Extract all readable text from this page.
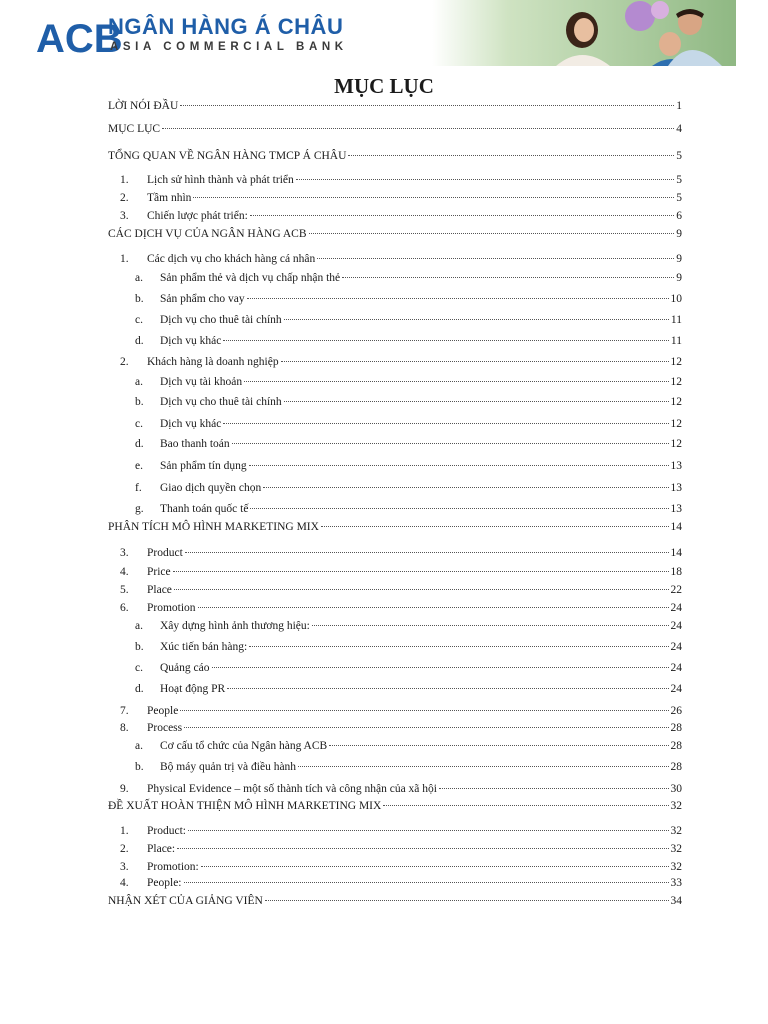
ACB
NGÂN HÀNG Á CHÂU
ASIA COMMERCIAL BANK
MỤC LỤC
LỜI NÓI ĐẦU	1
MỤC LỤC	4
TỔNG QUAN VỀ NGÂN HÀNG TMCP Á CHÂU	5
1.	Lịch sử hình thành và phát triển	5
2.	Tầm nhìn	5
3.	Chiến lược phát triển:	6
CÁC DỊCH VỤ CỦA NGÂN HÀNG ACB	9
1.	Các dịch vụ cho khách hàng cá nhân	9
a.	Sản phẩm thẻ và dịch vụ chấp nhận thẻ	9
b.	Sản phẩm cho vay	10
c.	Dịch vụ cho thuê tài chính	11
d.	Dịch vụ khác	11
2.	Khách hàng là doanh nghiệp	12
a.	Dịch vụ tài khoản	12
b.	Dịch vụ cho thuê tài chính	12
c.	Dịch vụ khác	12
d.	Bao thanh toán	12
e.	Sản phẩm tín dụng	13
f.	Giao dịch quyền chọn	13
g.	Thanh toán quốc tế	13
PHÂN TÍCH MÔ HÌNH MARKETING MIX	14
3.	Product	14
4.	Price	18
5.	Place	22
6.	Promotion	24
a.	Xây dựng hình ảnh thương hiệu:	24
b.	Xúc tiến bán hàng:	24
c.	Quảng cáo	24
d.	Hoạt động PR	24
7.	People	26
8.	Process	28
a.	Cơ cấu tổ chức của Ngân hàng ACB	28
b.	Bộ máy quản trị và điều hành	28
9.	Physical Evidence – một số thành tích và công nhận của xã hội	30
ĐỀ XUẤT HOÀN THIỆN MÔ HÌNH MARKETING MIX	32
1.	Product:	32
2.	Place:	32
3.	Promotion:	32
4.	People:	33
NHẬN XÉT CỦA GIẢNG VIÊN	34
